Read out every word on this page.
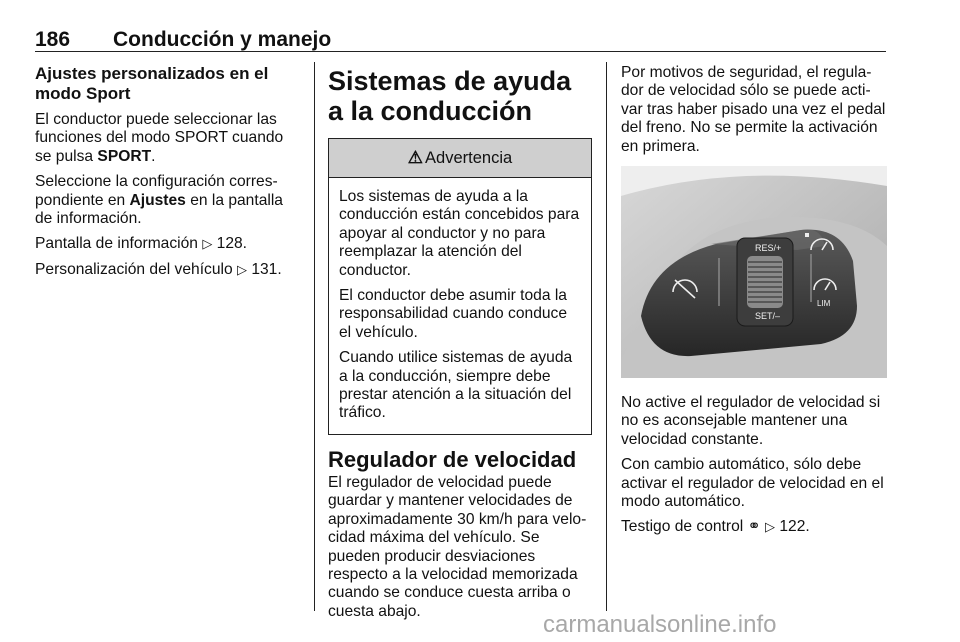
186 Conducción y manejo
Ajustes personalizados en el modo Sport

El conductor puede seleccionar las funciones del modo SPORT cuando se pulsa SPORT.

Seleccione la configuración corres- pondiente en Ajustes en la pantalla de información.

Pantalla de información ▷ 128.

Personalización del vehículo ▷ 131.

Sistemas de ayuda a la conducción
⚠ Advertencia

Los sistemas de ayuda a la conducción están concebidos para apoyar al conductor y no para reemplazar la atención del conductor.

El conductor debe asumir toda la responsabilidad cuando conduce el vehículo.

Cuando utilice sistemas de ayuda a la conducción, siempre debe prestar atención a la situación del tráfico.

Regulador de velocidad

El regulador de velocidad puede guardar y mantener velocidades de aproximadamente 30 km/h para velo- cidad máxima del vehículo. Se pueden producir desviaciones respecto a la velocidad memorizada cuando se conduce cuesta arriba o cuesta abajo.

Por motivos de seguridad, el regula- dor de velocidad sólo se puede acti- var tras haber pisado una vez el pedal del freno. No se permite la activación en primera.

RES/+
SET/–
LIM

No active el regulador de velocidad si no es aconsejable mantener una velocidad constante.

Con cambio automático, sólo debe activar el regulador de velocidad en el modo automático.

Testigo de control ⚭ ▷ 122.

carmanualsonline.info
